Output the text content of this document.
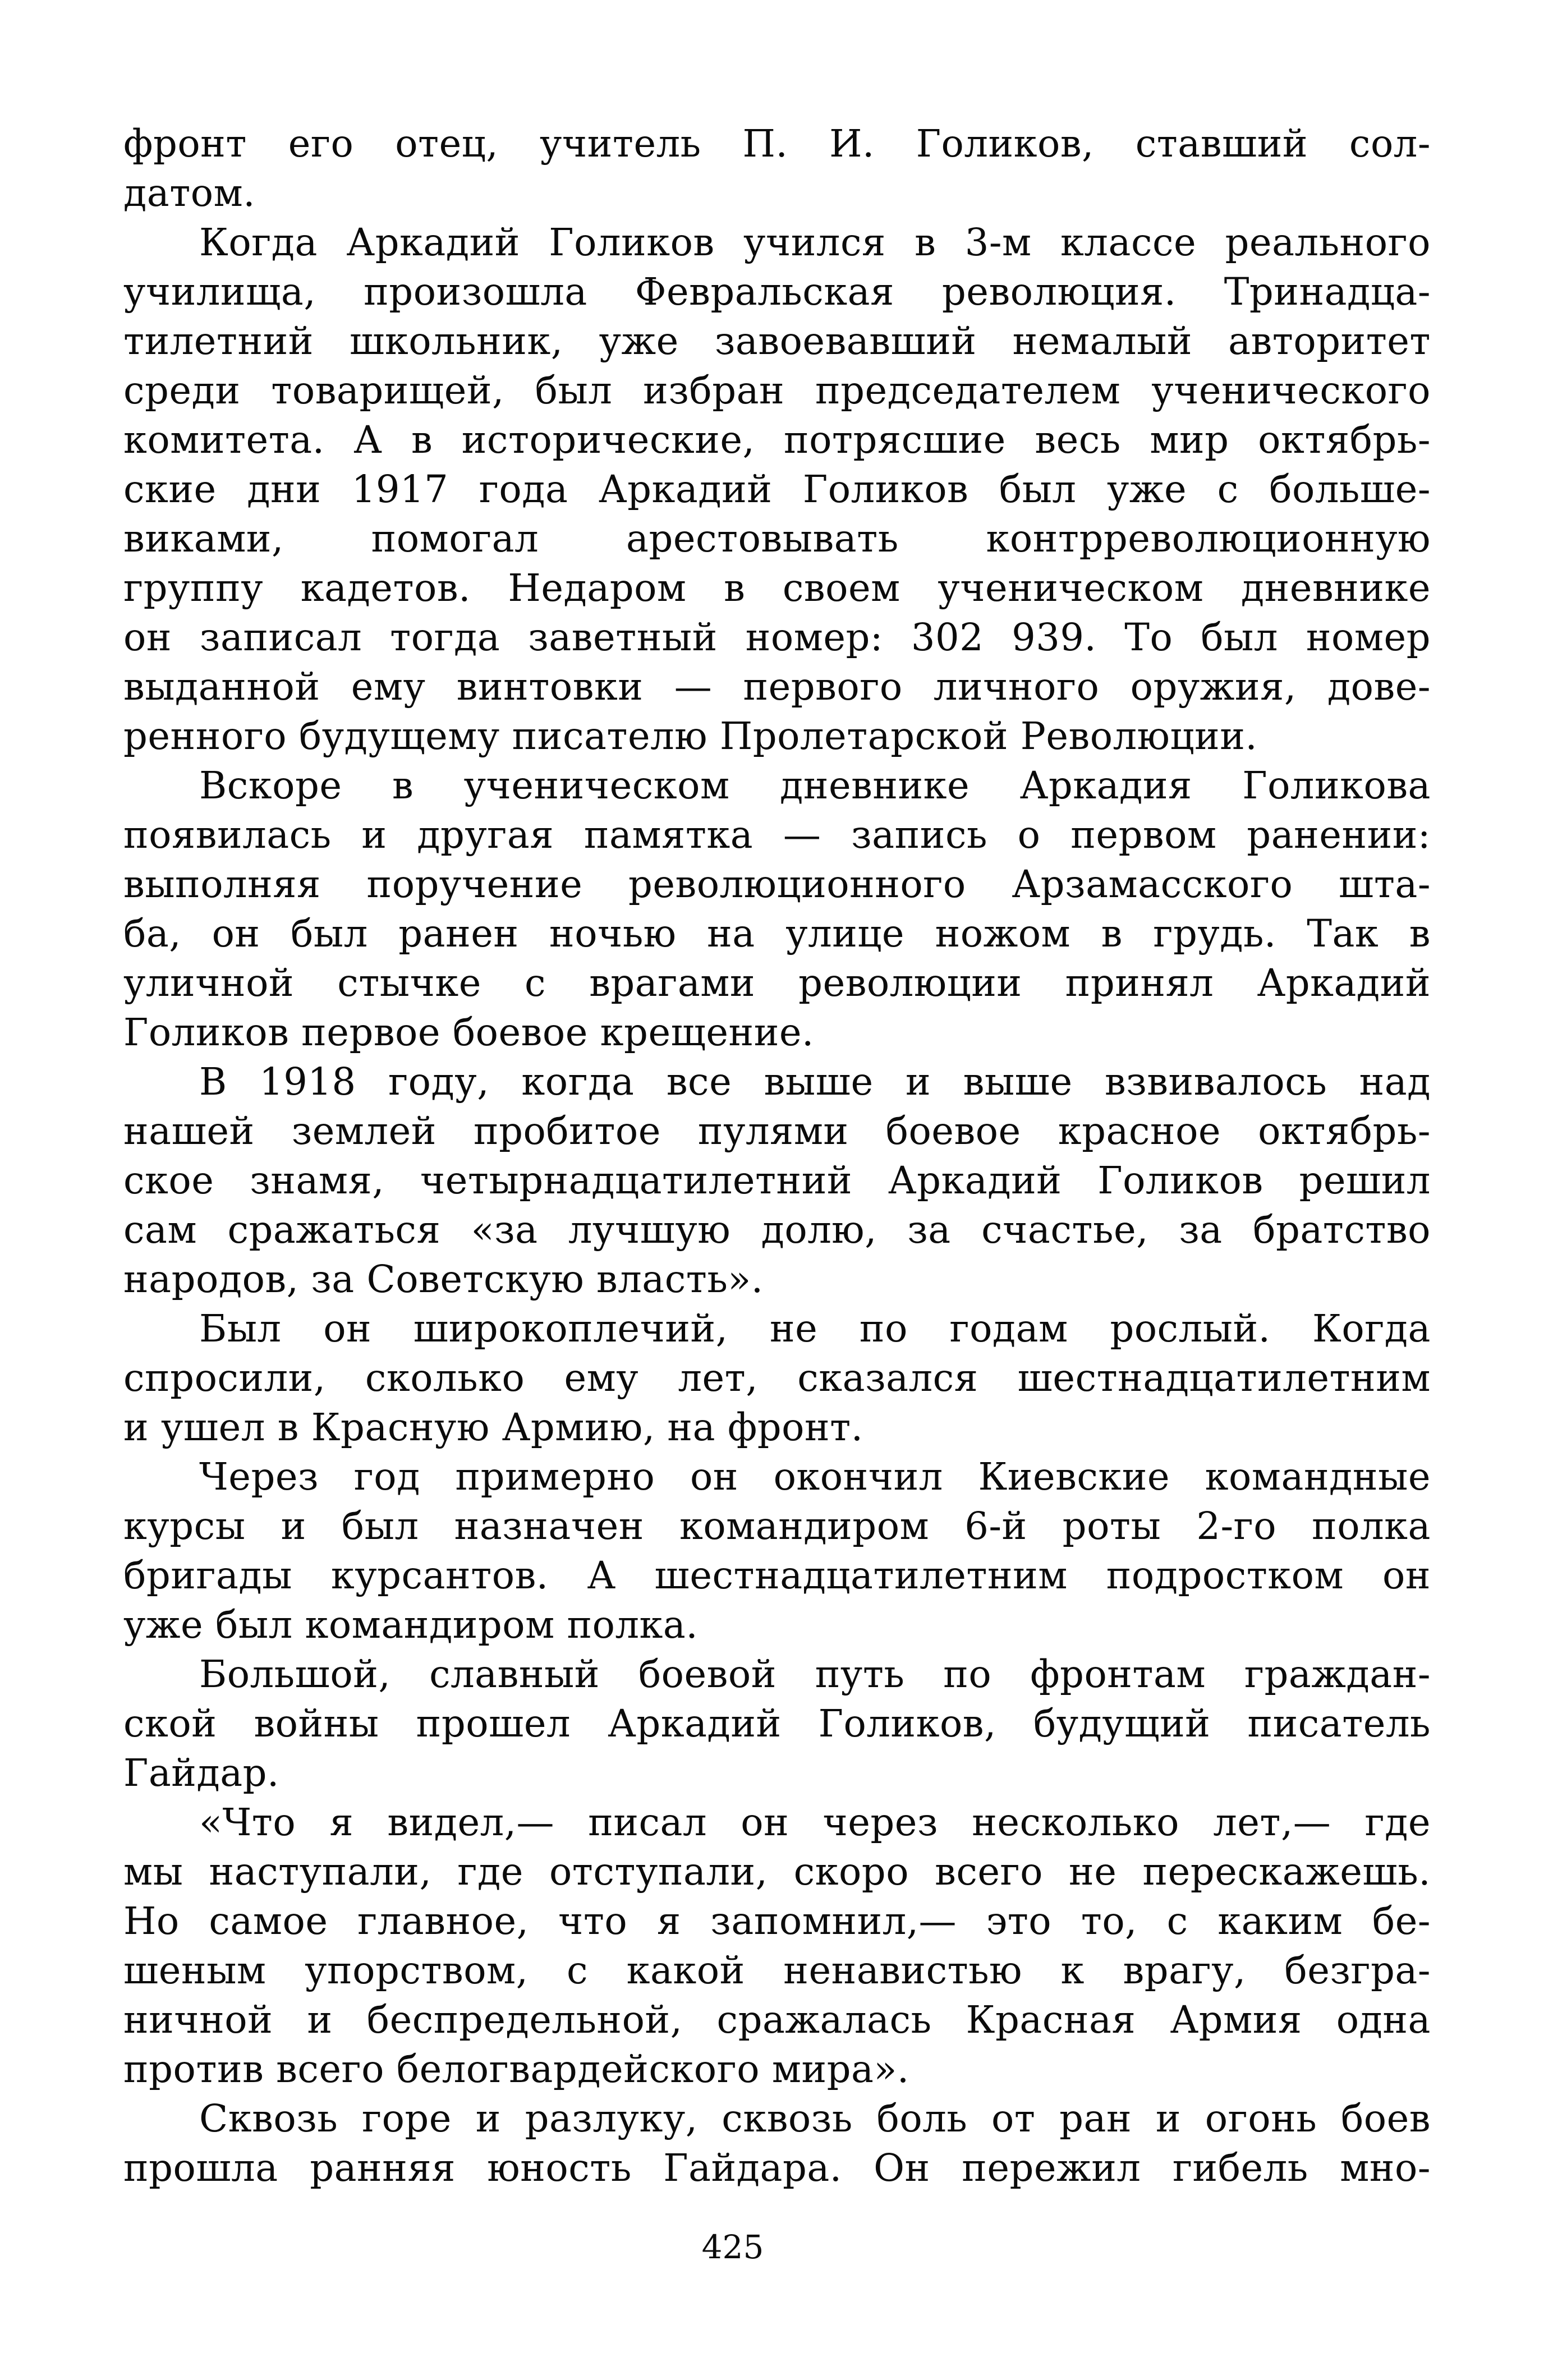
фронт его отец, учитель П. И. Голиков, ставший сол-
датом.
Когда Аркадий Голиков учился в 3-м классе реального
училища, произошла Февральская революция. Тринадца-
тилетний школьник, уже завоевавший немалый авторитет
среди товарищей, был избран председателем ученического
комитета. А в исторические, потрясшие весь мир октябрь-
ские дни 1917 года Аркадий Голиков был уже с больше-
виками, помогал арестовывать контрреволюционную
группу кадетов. Недаром в своем ученическом дневнике
он записал тогда заветный номер: 302 939. То был номер
выданной ему винтовки — первого личного оружия, дове-
ренного будущему писателю Пролетарской Революции.
Вскоре в ученическом дневнике Аркадия Голикова
появилась и другая памятка — запись о первом ранении:
выполняя поручение революционного Арзамасского шта-
ба, он был ранен ночью на улице ножом в грудь. Так в
уличной стычке с врагами революции принял Аркадий
Голиков первое боевое крещение.
В 1918 году, когда все выше и выше взвивалось над
нашей землей пробитое пулями боевое красное октябрь-
ское знамя, четырнадцатилетний Аркадий Голиков решил
сам сражаться «за лучшую долю, за счастье, за братство
народов, за Советскую власть».
Был он широкоплечий, не по годам рослый. Когда
спросили, сколько ему лет, сказался шестнадцатилетним
и ушел в Красную Армию, на фронт.
Через год примерно он окончил Киевские командные
курсы и был назначен командиром 6-й роты 2-го полка
бригады курсантов. А шестнадцатилетним подростком он
уже был командиром полка.
Большой, славный боевой путь по фронтам граждан-
ской войны прошел Аркадий Голиков, будущий писатель
Гайдар.
«Что я видел,— писал он через несколько лет,— где
мы наступали, где отступали, скоро всего не перескажешь.
Но самое главное, что я запомнил,— это то, с каким бе-
шеным упорством, с какой ненавистью к врагу, безгра-
ничной и беспредельной, сражалась Красная Армия одна
против всего белогвардейского мира».
Сквозь горе и разлуку, сквозь боль от ран и огонь боев
прошла ранняя юность Гайдара. Он пережил гибель мно-
425
